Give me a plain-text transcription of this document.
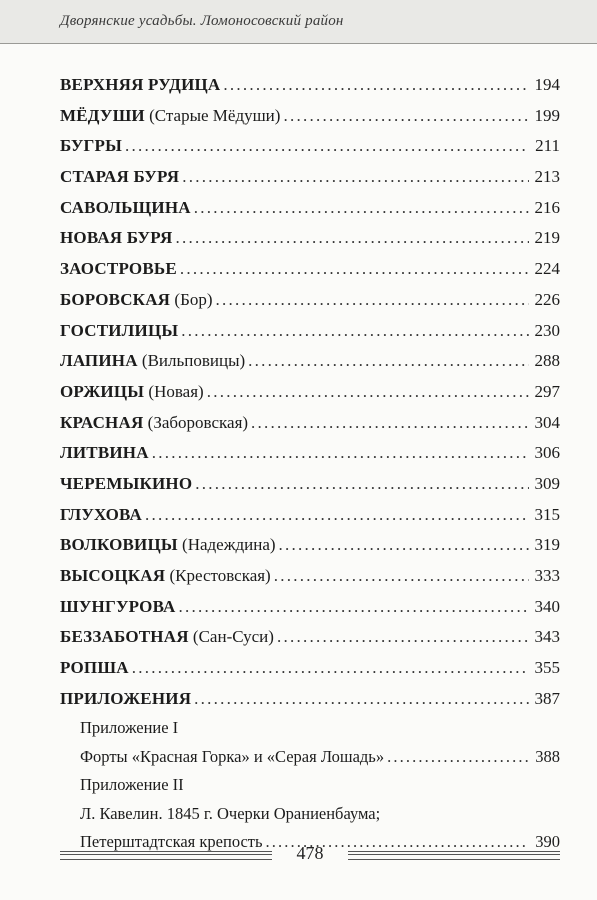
Дворянские усадьбы. Ломоносовский район
ВЕРХНЯЯ РУДИЦА . . .	194
МЁДУШИ (Старые Мёдуши) . . .	199
БУГРЫ . . .	211
СТАРАЯ БУРЯ . . .	213
САВОЛЬЩИНА . . .	216
НОВАЯ БУРЯ . . .	219
ЗАОСТРОВЬЕ . . .	224
БОРОВСКАЯ (Бор) . . .	226
ГОСТИЛИЦЫ . . .	230
ЛАПИНА (Вильповицы) . . .	288
ОРЖИЦЫ (Новая) . . .	297
КРАСНАЯ (Заборовская) . . .	304
ЛИТВИНА . . .	306
ЧЕРЕМЫКИНО . . .	309
ГЛУХОВА . . .	315
ВОЛКОВИЦЫ (Надеждина) . . .	319
ВЫСОЦКАЯ (Крестовская) . . .	333
ШУНГУРОВА . . .	340
БЕЗЗАБОТНАЯ (Сан-Суси) . . .	343
РОПША . . .	355
ПРИЛОЖЕНИЯ . . .	387
Приложение I
Форты «Красная Горка» и «Серая Лошадь» . . .	388
Приложение II
Л. Кавелин. 1845 г. Очерки Ораниенбаума;
Петерштадтская крепость . . .	390
478
